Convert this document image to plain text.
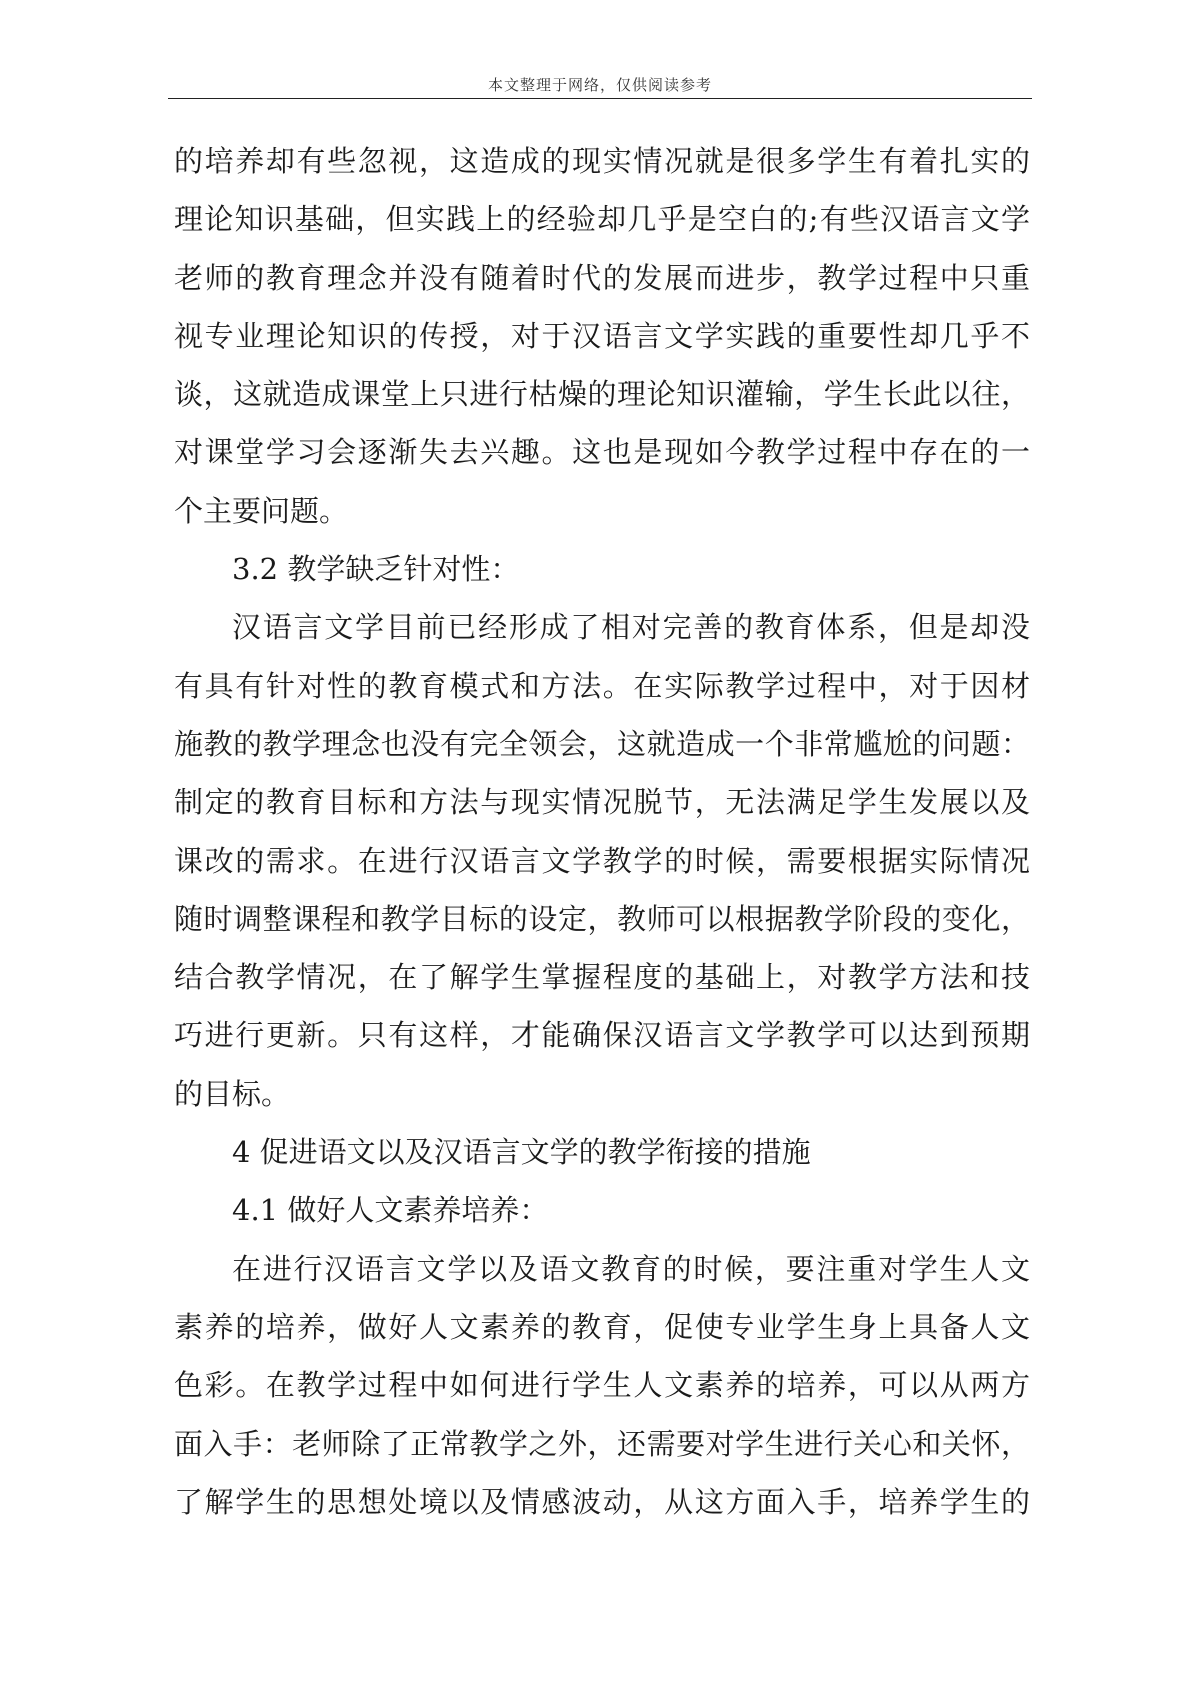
本文整理于网络，仅供阅读参考
的培养却有些忽视，这造成的现实情况就是很多学生有着扎实的
理论知识基础，但实践上的经验却几乎是空白的;有些汉语言文学
老师的教育理念并没有随着时代的发展而进步，教学过程中只重
视专业理论知识的传授，对于汉语言文学实践的重要性却几乎不
谈，这就造成课堂上只进行枯燥的理论知识灌输，学生长此以往，
对课堂学习会逐渐失去兴趣。这也是现如今教学过程中存在的一
个主要问题。
3.2 教学缺乏针对性：
汉语言文学目前已经形成了相对完善的教育体系，但是却没
有具有针对性的教育模式和方法。在实际教学过程中，对于因材
施教的教学理念也没有完全领会，这就造成一个非常尴尬的问题：
制定的教育目标和方法与现实情况脱节，无法满足学生发展以及
课改的需求。在进行汉语言文学教学的时候，需要根据实际情况
随时调整课程和教学目标的设定，教师可以根据教学阶段的变化，
结合教学情况，在了解学生掌握程度的基础上，对教学方法和技
巧进行更新。只有这样，才能确保汉语言文学教学可以达到预期
的目标。
4 促进语文以及汉语言文学的教学衔接的措施
4.1 做好人文素养培养：
在进行汉语言文学以及语文教育的时候，要注重对学生人文
素养的培养，做好人文素养的教育，促使专业学生身上具备人文
色彩。在教学过程中如何进行学生人文素养的培养，可以从两方
面入手：老师除了正常教学之外，还需要对学生进行关心和关怀，
了解学生的思想处境以及情感波动，从这方面入手，培养学生的
